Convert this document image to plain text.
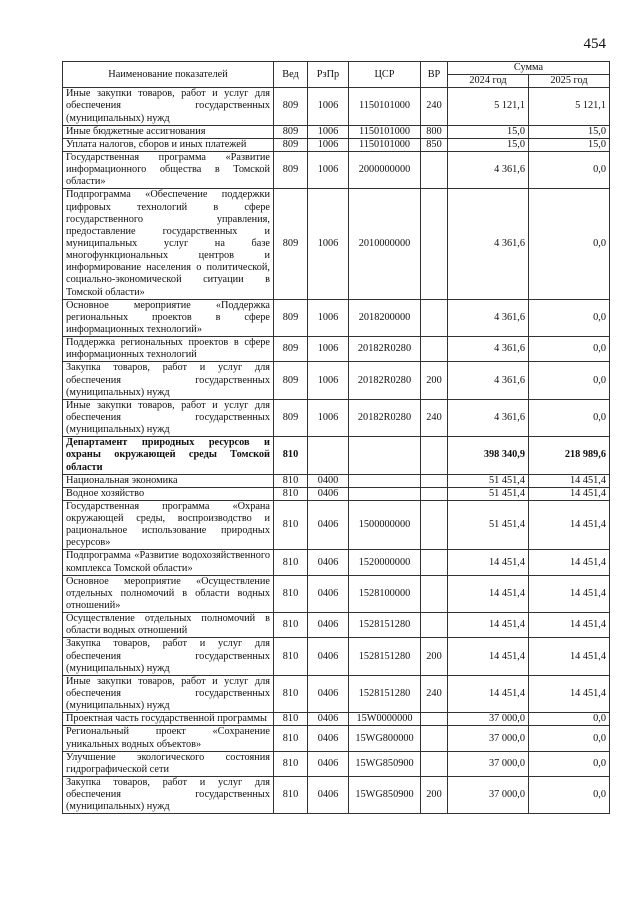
454
Наименование показателей	Вед	РзПр	ЦСР	ВР	Сумма	
					2024 год	2025 год
Иные закупки товаров, работ и услуг для обеспечения государственных (муниципальных) нужд	809	1006	1150101000	240	5 121,1	5 121,1
Иные бюджетные ассигнования	809	1006	1150101000	800	15,0	15,0
Уплата налогов, сборов и иных платежей	809	1006	1150101000	850	15,0	15,0
Государственная программа «Развитие информационного общества в Томской области»	809	1006	2000000000		4 361,6	0,0
Подпрограмма «Обеспечение поддержки цифровых технологий в сфере государственного управления, предоставление государственных и муниципальных услуг на базе многофункциональных центров и информирование населения о политической, социально-экономической ситуации в Томской области»	809	1006	2010000000		4 361,6	0,0
Основное мероприятие «Поддержка региональных проектов в сфере информационных технологий»	809	1006	2018200000		4 361,6	0,0
Поддержка региональных проектов в сфере информационных технологий	809	1006	20182R0280		4 361,6	0,0
Закупка товаров, работ и услуг для обеспечения государственных (муниципальных) нужд	809	1006	20182R0280	200	4 361,6	0,0
Иные закупки товаров, работ и услуг для обеспечения государственных (муниципальных) нужд	809	1006	20182R0280	240	4 361,6	0,0
Департамент природных ресурсов и охраны окружающей среды Томской области	810				398 340,9	218 989,6
Национальная экономика	810	0400			51 451,4	14 451,4
Водное хозяйство	810	0406			51 451,4	14 451,4
Государственная программа «Охрана окружающей среды, воспроизводство и рациональное использование природных ресурсов»	810	0406	1500000000		51 451,4	14 451,4
Подпрограмма «Развитие водохозяйственного комплекса Томской области»	810	0406	1520000000		14 451,4	14 451,4
Основное мероприятие «Осуществление отдельных полномочий в области водных отношений»	810	0406	1528100000		14 451,4	14 451,4
Осуществление отдельных полномочий в области водных отношений	810	0406	1528151280		14 451,4	14 451,4
Закупка товаров, работ и услуг для обеспечения государственных (муниципальных) нужд	810	0406	1528151280	200	14 451,4	14 451,4
Иные закупки товаров, работ и услуг для обеспечения государственных (муниципальных) нужд	810	0406	1528151280	240	14 451,4	14 451,4
Проектная часть государственной программы	810	0406	15W0000000		37 000,0	0,0
Региональный проект «Сохранение уникальных водных объектов»	810	0406	15WG800000		37 000,0	0,0
Улучшение экологического состояния гидрографической сети	810	0406	15WG850900		37 000,0	0,0
Закупка товаров, работ и услуг для обеспечения государственных (муниципальных) нужд	810	0406	15WG850900	200	37 000,0	0,0
